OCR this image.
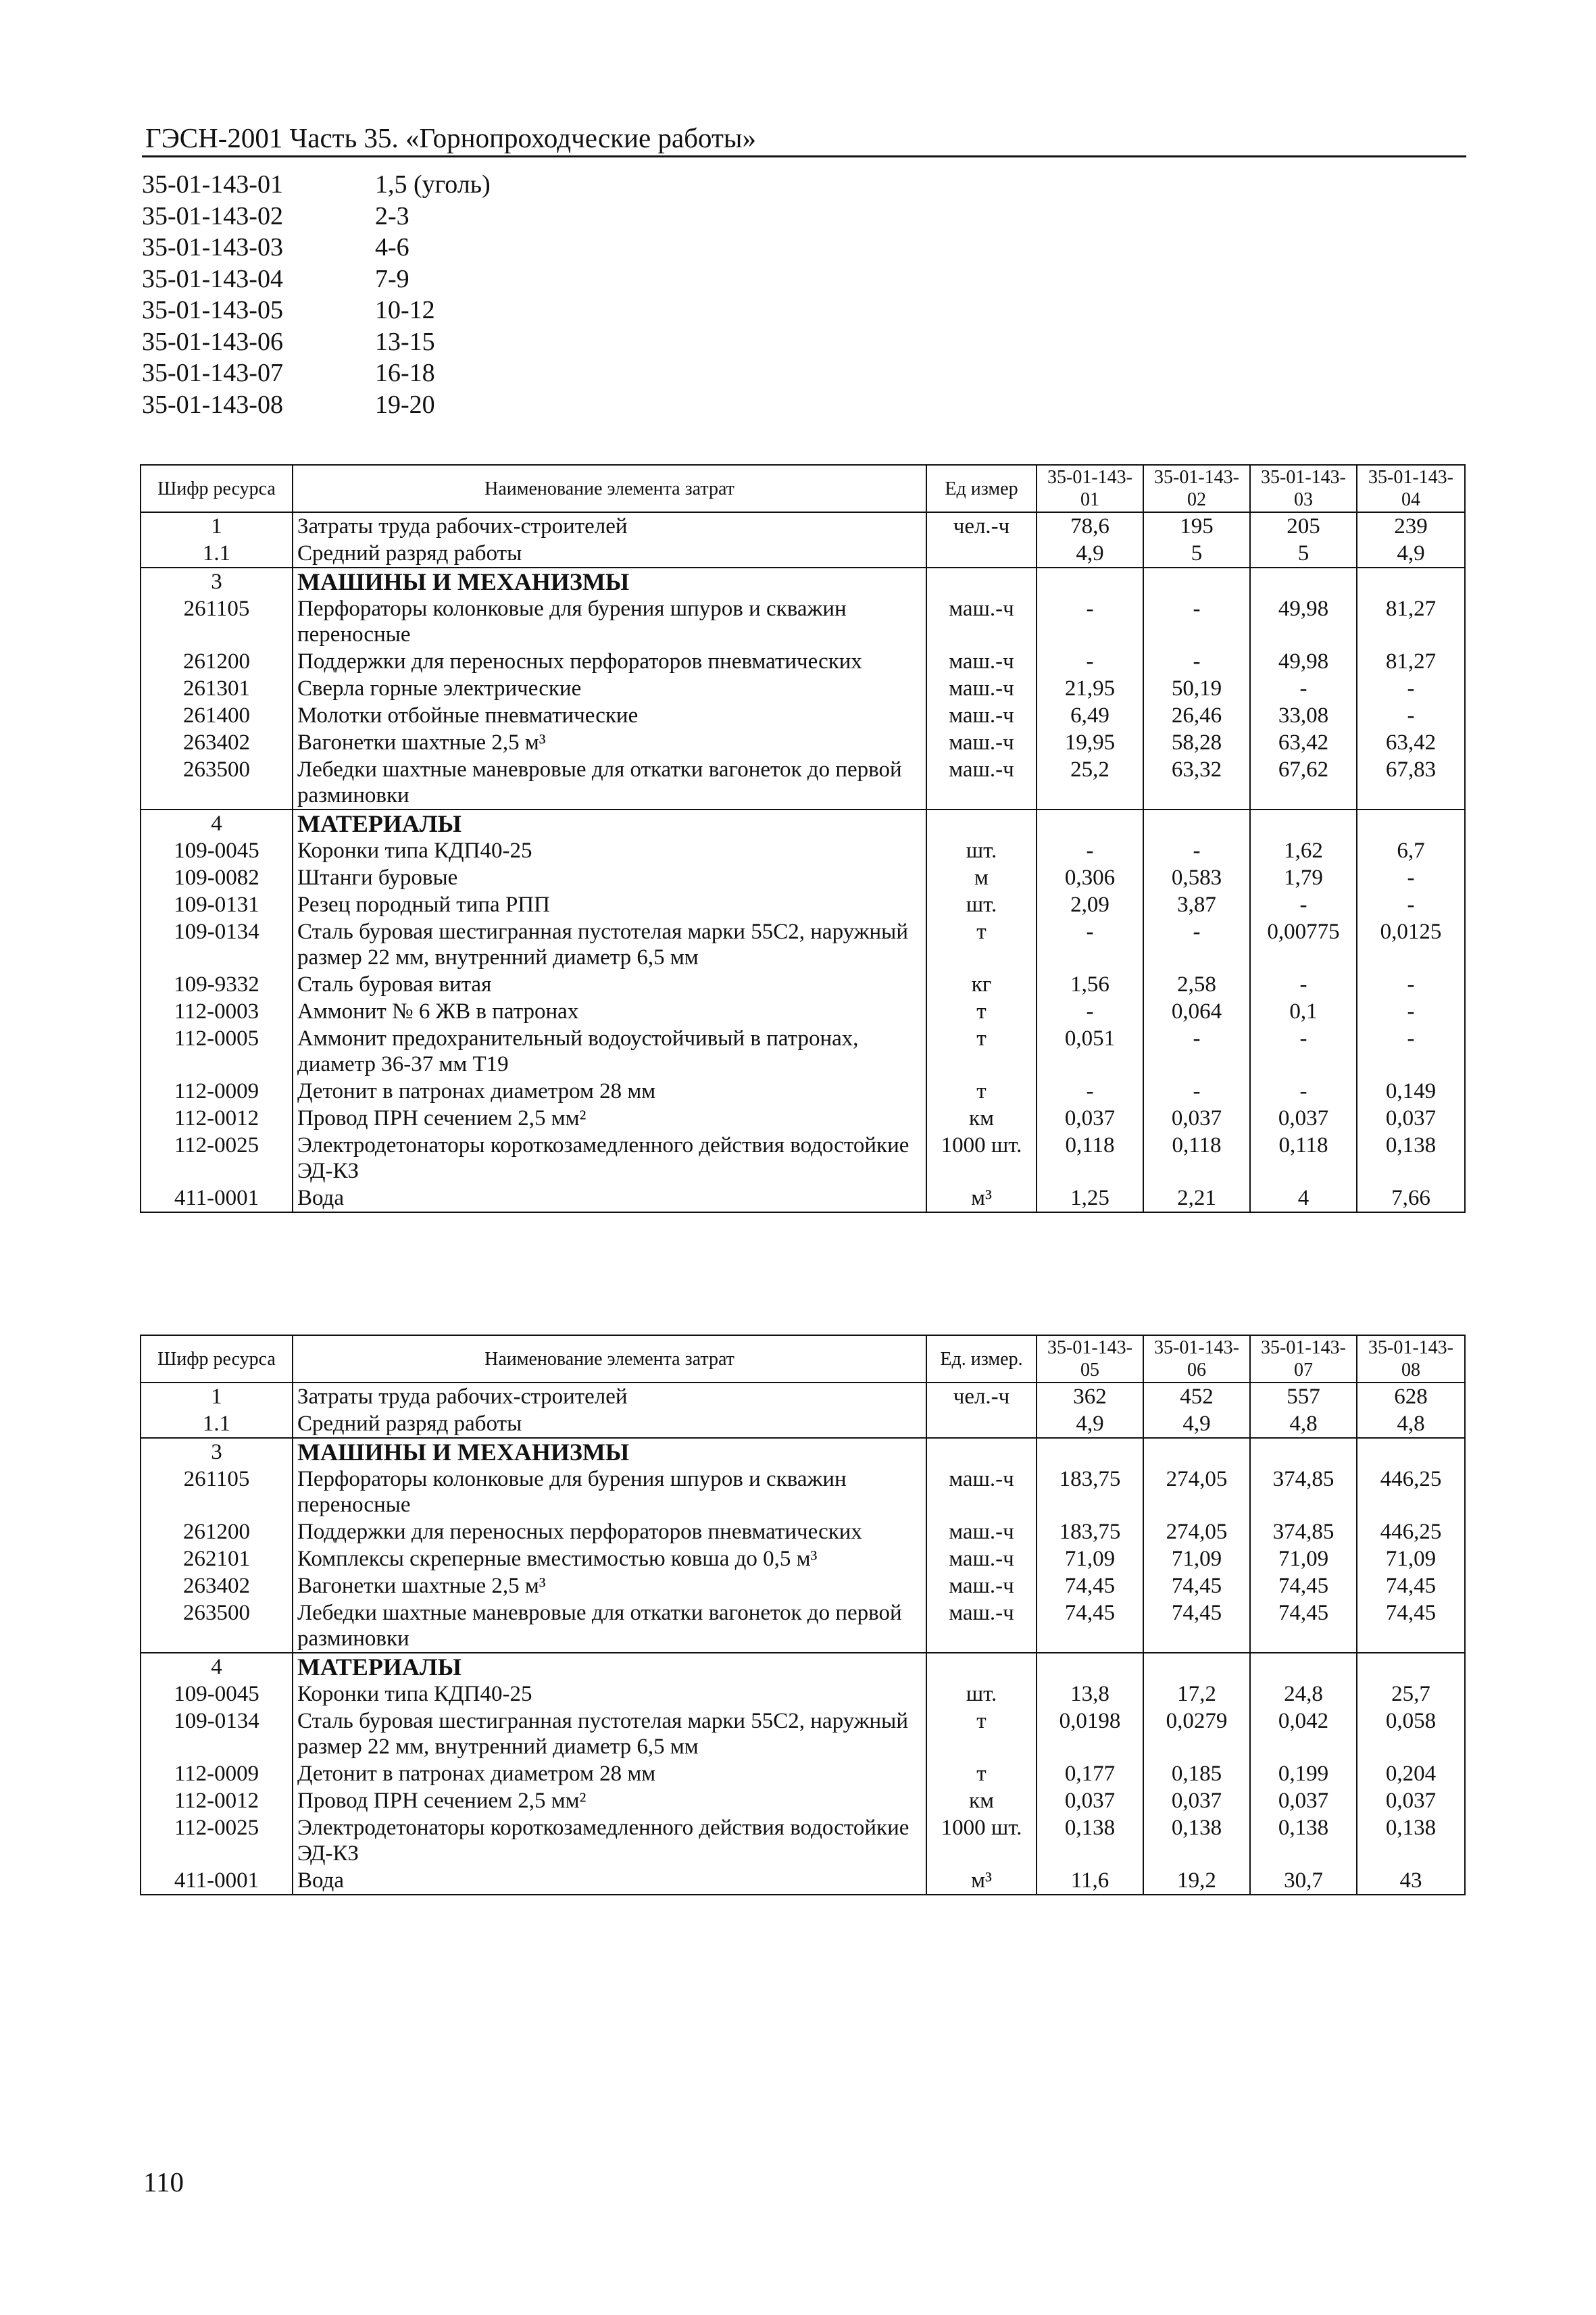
ГЭСН-2001 Часть 35. «Горнопроходческие работы»
35-01-143-01	1,5 (уголь)
35-01-143-02	2-3
35-01-143-03	4-6
35-01-143-04	7-9
35-01-143-05	10-12
35-01-143-06	13-15
35-01-143-07	16-18
35-01-143-08	19-20
Шифр ресурса	Наименование элемента затрат	Ед измер	35-01-143-01	35-01-143-02	35-01-143-03	35-01-143-04
1	Затраты труда рабочих-строителей	чел.-ч	78,6	195	205	239
1.1	Средний разряд работы		4,9	5	5	4,9
3	МАШИНЫ И МЕХАНИЗМЫ					
261105	Перфораторы колонковые для бурения шпуров и скважин переносные	маш.-ч	-	-	49,98	81,27
261200	Поддержки для переносных перфораторов пневматических	маш.-ч	-	-	49,98	81,27
261301	Сверла горные электрические	маш.-ч	21,95	50,19	-	-
261400	Молотки отбойные пневматические	маш.-ч	6,49	26,46	33,08	-
263402	Вагонетки шахтные 2,5 м³	маш.-ч	19,95	58,28	63,42	63,42
263500	Лебедки шахтные маневровые для откатки вагонеток до первой разминовки	маш.-ч	25,2	63,32	67,62	67,83
4	МАТЕРИАЛЫ					
109-0045	Коронки типа КДП40-25	шт.	-	-	1,62	6,7
109-0082	Штанги буровые	м	0,306	0,583	1,79	-
109-0131	Резец породный типа РПП	шт.	2,09	3,87	-	-
109-0134	Сталь буровая шестигранная пустотелая марки 55С2, наружный размер 22 мм, внутренний диаметр 6,5 мм	т	-	-	0,00775	0,0125
109-9332	Сталь буровая витая	кг	1,56	2,58	-	-
112-0003	Аммонит № 6 ЖВ в патронах	т	-	0,064	0,1	-
112-0005	Аммонит предохранительный водоустойчивый в патронах, диаметр 36-37 мм Т19	т	0,051	-	-	-
112-0009	Детонит в патронах диаметром 28 мм	т	-	-	-	0,149
112-0012	Провод ПРН сечением 2,5 мм²	км	0,037	0,037	0,037	0,037
112-0025	Электродетонаторы короткозамедленного действия водостойкие ЭД-КЗ	1000 шт.	0,118	0,118	0,118	0,138
411-0001	Вода	м³	1,25	2,21	4	7,66
Шифр ресурса	Наименование элемента затрат	Ед. измер.	35-01-143-05	35-01-143-06	35-01-143-07	35-01-143-08
1	Затраты труда рабочих-строителей	чел.-ч	362	452	557	628
1.1	Средний разряд работы		4,9	4,9	4,8	4,8
3	МАШИНЫ И МЕХАНИЗМЫ					
261105	Перфораторы колонковые для бурения шпуров и скважин переносные	маш.-ч	183,75	274,05	374,85	446,25
261200	Поддержки для переносных перфораторов пневматических	маш.-ч	183,75	274,05	374,85	446,25
262101	Комплексы скреперные вместимостью ковша до 0,5 м³	маш.-ч	71,09	71,09	71,09	71,09
263402	Вагонетки шахтные 2,5 м³	маш.-ч	74,45	74,45	74,45	74,45
263500	Лебедки шахтные маневровые для откатки вагонеток до первой разминовки	маш.-ч	74,45	74,45	74,45	74,45
4	МАТЕРИАЛЫ					
109-0045	Коронки типа КДП40-25	шт.	13,8	17,2	24,8	25,7
109-0134	Сталь буровая шестигранная пустотелая марки 55С2, наружный размер 22 мм, внутренний диаметр 6,5 мм	т	0,0198	0,0279	0,042	0,058
112-0009	Детонит в патронах диаметром 28 мм	т	0,177	0,185	0,199	0,204
112-0012	Провод ПРН сечением 2,5 мм²	км	0,037	0,037	0,037	0,037
112-0025	Электродетонаторы короткозамедленного действия водостойкие ЭД-КЗ	1000 шт.	0,138	0,138	0,138	0,138
411-0001	Вода	м³	11,6	19,2	30,7	43
110
